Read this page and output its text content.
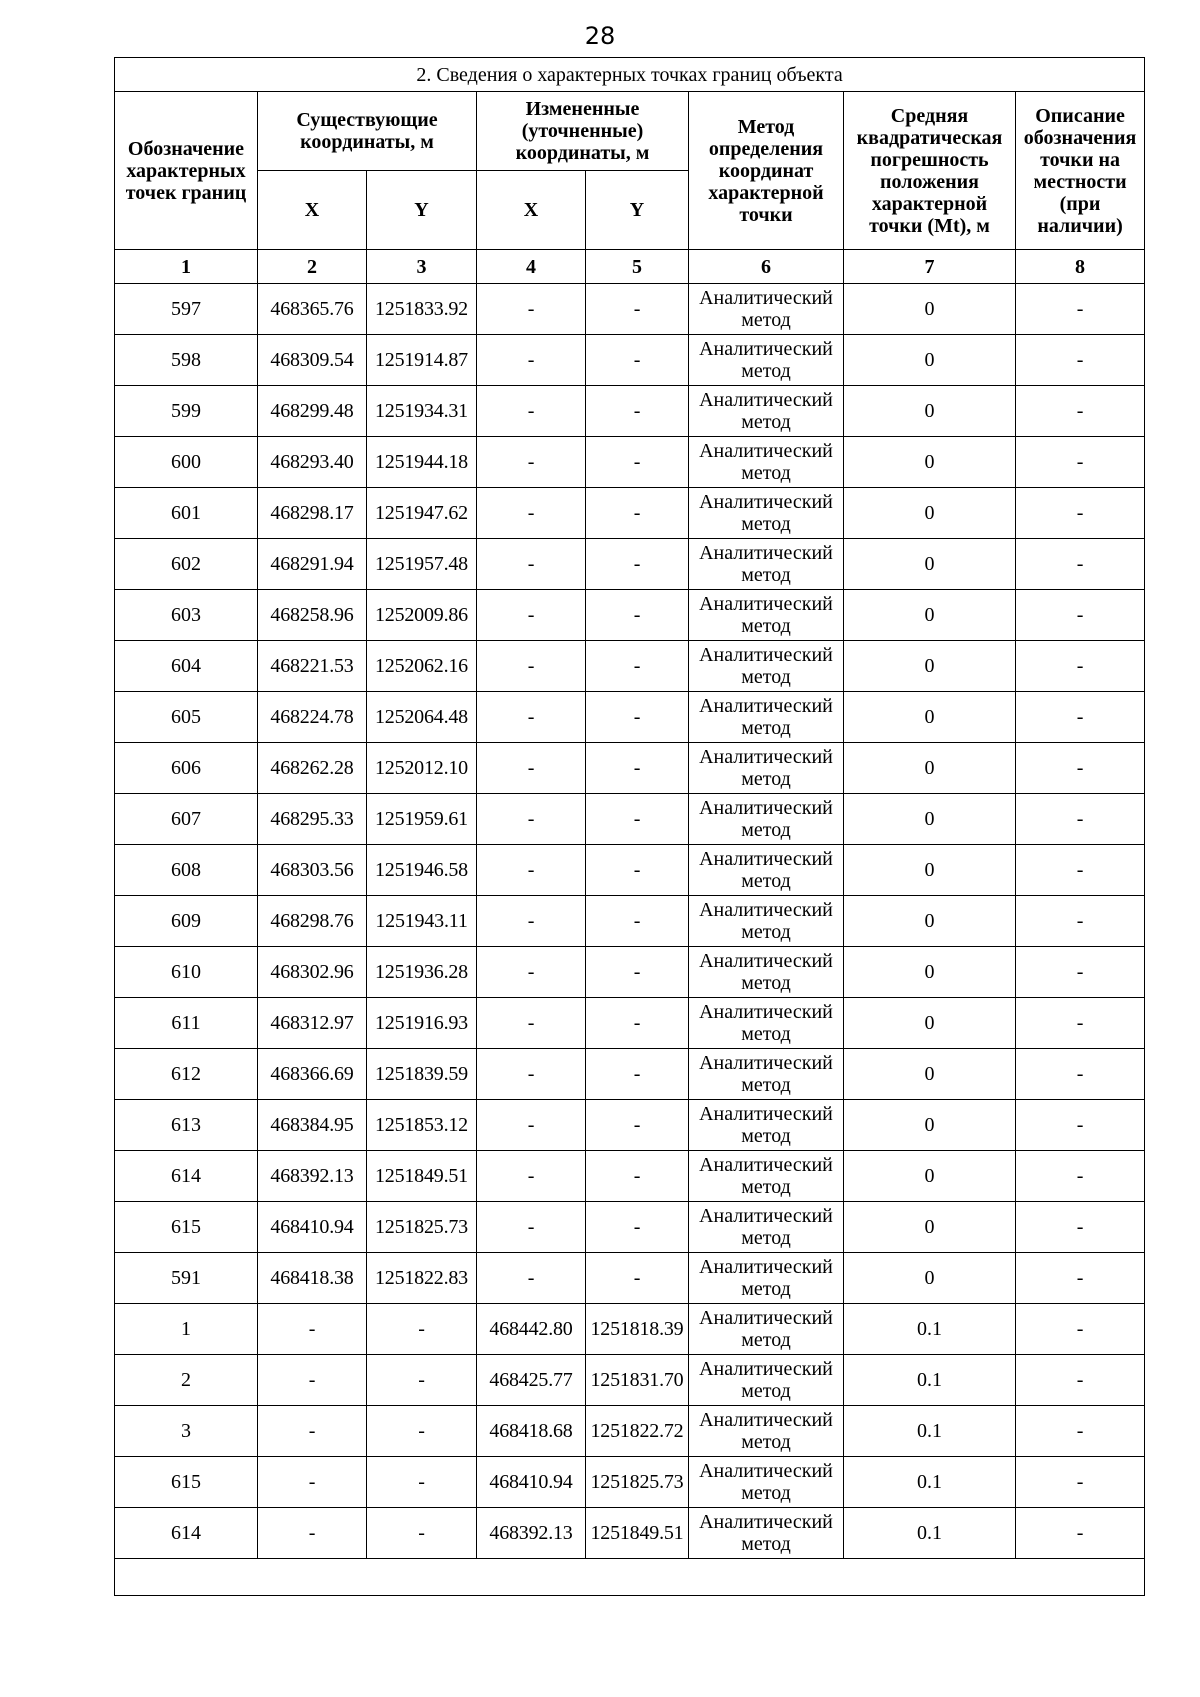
28
2. Сведения о характерных точках границ объекта							
Обозначение характерных точек границ	Существующие координаты, м		Измененные (уточненные) координаты, м		Метод определения координат характерной точки	Средняя квадратическая погрешность положения характерной точки (Mt), м	Описание обозначения точки на местности (при наличии)
	X	Y	X	Y			
1	2	3	4	5	6	7	8
597	468365.76	1251833.92	-	-	Аналитический метод	0	-
598	468309.54	1251914.87	-	-	Аналитический метод	0	-
599	468299.48	1251934.31	-	-	Аналитический метод	0	-
600	468293.40	1251944.18	-	-	Аналитический метод	0	-
601	468298.17	1251947.62	-	-	Аналитический метод	0	-
602	468291.94	1251957.48	-	-	Аналитический метод	0	-
603	468258.96	1252009.86	-	-	Аналитический метод	0	-
604	468221.53	1252062.16	-	-	Аналитический метод	0	-
605	468224.78	1252064.48	-	-	Аналитический метод	0	-
606	468262.28	1252012.10	-	-	Аналитический метод	0	-
607	468295.33	1251959.61	-	-	Аналитический метод	0	-
608	468303.56	1251946.58	-	-	Аналитический метод	0	-
609	468298.76	1251943.11	-	-	Аналитический метод	0	-
610	468302.96	1251936.28	-	-	Аналитический метод	0	-
611	468312.97	1251916.93	-	-	Аналитический метод	0	-
612	468366.69	1251839.59	-	-	Аналитический метод	0	-
613	468384.95	1251853.12	-	-	Аналитический метод	0	-
614	468392.13	1251849.51	-	-	Аналитический метод	0	-
615	468410.94	1251825.73	-	-	Аналитический метод	0	-
591	468418.38	1251822.83	-	-	Аналитический метод	0	-
1	-	-	468442.80	1251818.39	Аналитический метод	0.1	-
2	-	-	468425.77	1251831.70	Аналитический метод	0.1	-
3	-	-	468418.68	1251822.72	Аналитический метод	0.1	-
615	-	-	468410.94	1251825.73	Аналитический метод	0.1	-
614	-	-	468392.13	1251849.51	Аналитический метод	0.1	-
